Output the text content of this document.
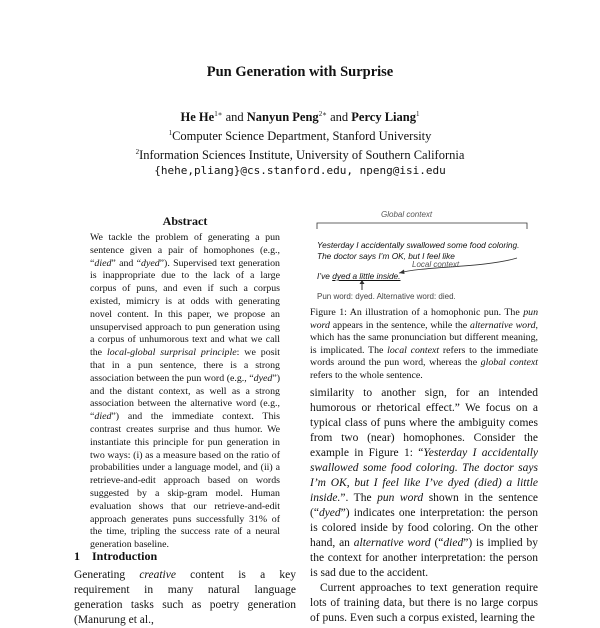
Pun Generation with Surprise
He $He^{1∗}$ and Nanyun Peng$^{2∗}$ and Percy Liang$^1$
$^1$Computer Science Department, Stanford University
$^2$Information Sciences Institute, University of Southern California
{hehe,pliang}@cs.stanford.edu, npeng@isi.edu
Abstract
We tackle the problem of generating a pun sentence given a pair of homophones (e.g., “died” and “dyed”). Supervised text generation is inappropriate due to the lack of a large corpus of puns, and even if such a corpus existed, mimicry is at odds with generating novel content. In this paper, we propose an unsupervised approach to pun generation using a corpus of unhumorous text and what we call the local-global surprisal principle: we posit that in a pun sentence, there is a strong association between the pun word (e.g., “dyed”) and the distant context, as well as a strong association between the alternative word (e.g., “died”) and the immediate context. This contrast creates surprise and thus humor. We instantiate this principle for pun generation in two ways: (i) as a measure based on the ratio of probabilities under a language model, and (ii) a retrieve-and-edit approach based on words suggested by a skip-gram model. Human evaluation shows that our retrieve-and-edit approach generates puns successfully 31% of the time, tripling the success rate of a neural generation baseline.
1 Introduction
Generating creative content is a key requirement in many natural language generation tasks such as poetry generation (Manurung et al.,
Global context
Yesterday I accidentally swallowed some food coloring. The doctor says I’m OK, but I feel like
Local context
I’ve dyed a little inside.
Pun word: dyed. Alternative word: died.
Figure 1: An illustration of a homophonic pun. The pun word appears in the sentence, while the alternative word, which has the same pronunciation but different meaning, is implicated. The local context refers to the immediate words around the pun word, whereas the global context refers to the whole sentence.

similarity to another sign, for an intended humorous or rhetorical effect.” We focus on a typical class of puns where the ambiguity comes from two (near) homophones. Consider the example in Figure 1: “Yesterday I accidentally swallowed some food coloring. The doctor says I’m OK, but I feel like I’ve dyed (died) a little inside.”. The pun word shown in the sentence (“dyed”) indicates one interpretation: the person is colored inside by food coloring. On the other hand, an alternative word (“died”) is implied by the context for another interpretation: the person is sad due to the accident.

Current approaches to text generation require lots of training data, but there is no large corpus of puns. Even such a corpus existed, learning the
